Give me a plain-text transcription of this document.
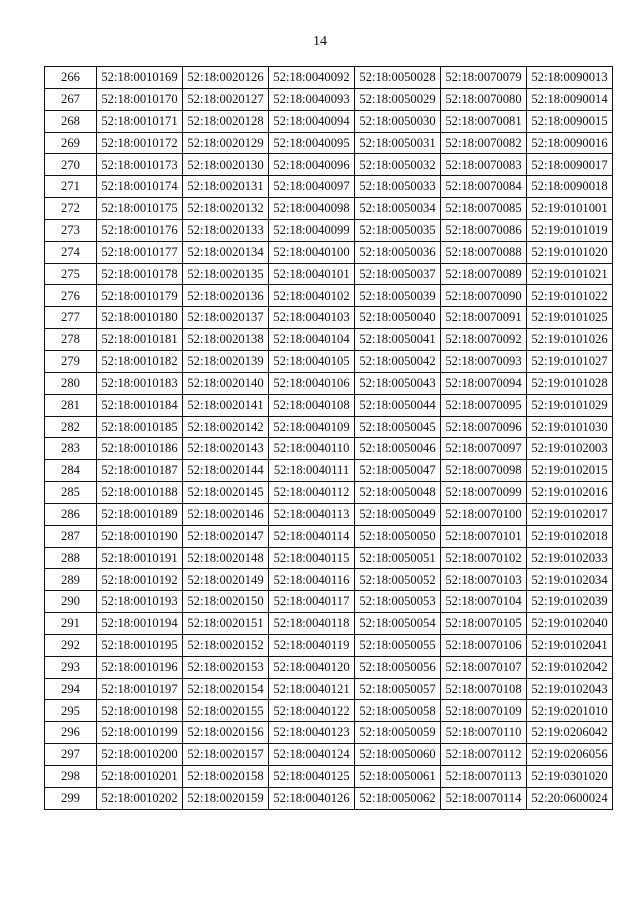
14
266	52:18:0010169	52:18:0020126	52:18:0040092	52:18:0050028	52:18:0070079	52:18:0090013
267	52:18:0010170	52:18:0020127	52:18:0040093	52:18:0050029	52:18:0070080	52:18:0090014
268	52:18:0010171	52:18:0020128	52:18:0040094	52:18:0050030	52:18:0070081	52:18:0090015
269	52:18:0010172	52:18:0020129	52:18:0040095	52:18:0050031	52:18:0070082	52:18:0090016
270	52:18:0010173	52:18:0020130	52:18:0040096	52:18:0050032	52:18:0070083	52:18:0090017
271	52:18:0010174	52:18:0020131	52:18:0040097	52:18:0050033	52:18:0070084	52:18:0090018
272	52:18:0010175	52:18:0020132	52:18:0040098	52:18:0050034	52:18:0070085	52:19:0101001
273	52:18:0010176	52:18:0020133	52:18:0040099	52:18:0050035	52:18:0070086	52:19:0101019
274	52:18:0010177	52:18:0020134	52:18:0040100	52:18:0050036	52:18:0070088	52:19:0101020
275	52:18:0010178	52:18:0020135	52:18:0040101	52:18:0050037	52:18:0070089	52:19:0101021
276	52:18:0010179	52:18:0020136	52:18:0040102	52:18:0050039	52:18:0070090	52:19:0101022
277	52:18:0010180	52:18:0020137	52:18:0040103	52:18:0050040	52:18:0070091	52:19:0101025
278	52:18:0010181	52:18:0020138	52:18:0040104	52:18:0050041	52:18:0070092	52:19:0101026
279	52:18:0010182	52:18:0020139	52:18:0040105	52:18:0050042	52:18:0070093	52:19:0101027
280	52:18:0010183	52:18:0020140	52:18:0040106	52:18:0050043	52:18:0070094	52:19:0101028
281	52:18:0010184	52:18:0020141	52:18:0040108	52:18:0050044	52:18:0070095	52:19:0101029
282	52:18:0010185	52:18:0020142	52:18:0040109	52:18:0050045	52:18:0070096	52:19:0101030
283	52:18:0010186	52:18:0020143	52:18:0040110	52:18:0050046	52:18:0070097	52:19:0102003
284	52:18:0010187	52:18:0020144	52:18:0040111	52:18:0050047	52:18:0070098	52:19:0102015
285	52:18:0010188	52:18:0020145	52:18:0040112	52:18:0050048	52:18:0070099	52:19:0102016
286	52:18:0010189	52:18:0020146	52:18:0040113	52:18:0050049	52:18:0070100	52:19:0102017
287	52:18:0010190	52:18:0020147	52:18:0040114	52:18:0050050	52:18:0070101	52:19:0102018
288	52:18:0010191	52:18:0020148	52:18:0040115	52:18:0050051	52:18:0070102	52:19:0102033
289	52:18:0010192	52:18:0020149	52:18:0040116	52:18:0050052	52:18:0070103	52:19:0102034
290	52:18:0010193	52:18:0020150	52:18:0040117	52:18:0050053	52:18:0070104	52:19:0102039
291	52:18:0010194	52:18:0020151	52:18:0040118	52:18:0050054	52:18:0070105	52:19:0102040
292	52:18:0010195	52:18:0020152	52:18:0040119	52:18:0050055	52:18:0070106	52:19:0102041
293	52:18:0010196	52:18:0020153	52:18:0040120	52:18:0050056	52:18:0070107	52:19:0102042
294	52:18:0010197	52:18:0020154	52:18:0040121	52:18:0050057	52:18:0070108	52:19:0102043
295	52:18:0010198	52:18:0020155	52:18:0040122	52:18:0050058	52:18:0070109	52:19:0201010
296	52:18:0010199	52:18:0020156	52:18:0040123	52:18:0050059	52:18:0070110	52:19:0206042
297	52:18:0010200	52:18:0020157	52:18:0040124	52:18:0050060	52:18:0070112	52:19:0206056
298	52:18:0010201	52:18:0020158	52:18:0040125	52:18:0050061	52:18:0070113	52:19:0301020
299	52:18:0010202	52:18:0020159	52:18:0040126	52:18:0050062	52:18:0070114	52:20:0600024
